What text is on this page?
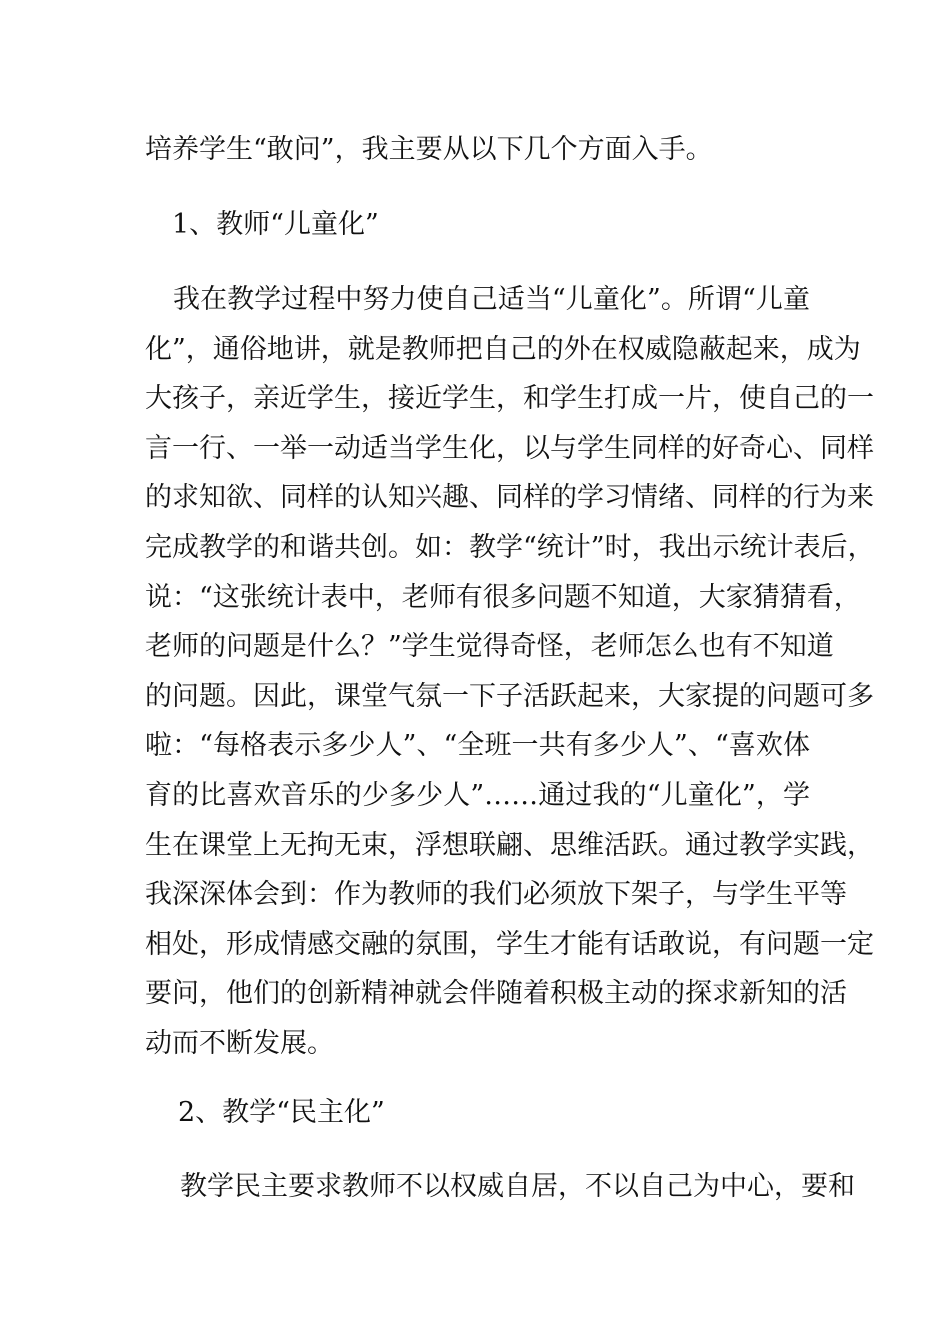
培养学生“敢问”，我主要从以下几个方面入手。
1、教师“儿童化”
我在教学过程中努力使自己适当“儿童化”。所谓“儿童
化”，通俗地讲，就是教师把自己的外在权威隐蔽起来，成为
大孩子，亲近学生，接近学生，和学生打成一片，使自己的一
言一行、一举一动适当学生化，以与学生同样的好奇心、同样
的求知欲、同样的认知兴趣、同样的学习情绪、同样的行为来
完成教学的和谐共创。如：教学“统计”时，我出示统计表后，
说：“这张统计表中，老师有很多问题不知道，大家猜猜看，
老师的问题是什么？”学生觉得奇怪，老师怎么也有不知道
的问题。因此，课堂气氛一下子活跃起来，大家提的问题可多
啦：“每格表示多少人”、“全班一共有多少人”、“喜欢体
育的比喜欢音乐的少多少人”……通过我的“儿童化”，学
生在课堂上无拘无束，浮想联翩、思维活跃。通过教学实践，
我深深体会到：作为教师的我们必须放下架子，与学生平等
相处，形成情感交融的氛围，学生才能有话敢说，有问题一定
要问，他们的创新精神就会伴随着积极主动的探求新知的活
动而不断发展。
2、教学“民主化”
教学民主要求教师不以权威自居，不以自己为中心，要和
